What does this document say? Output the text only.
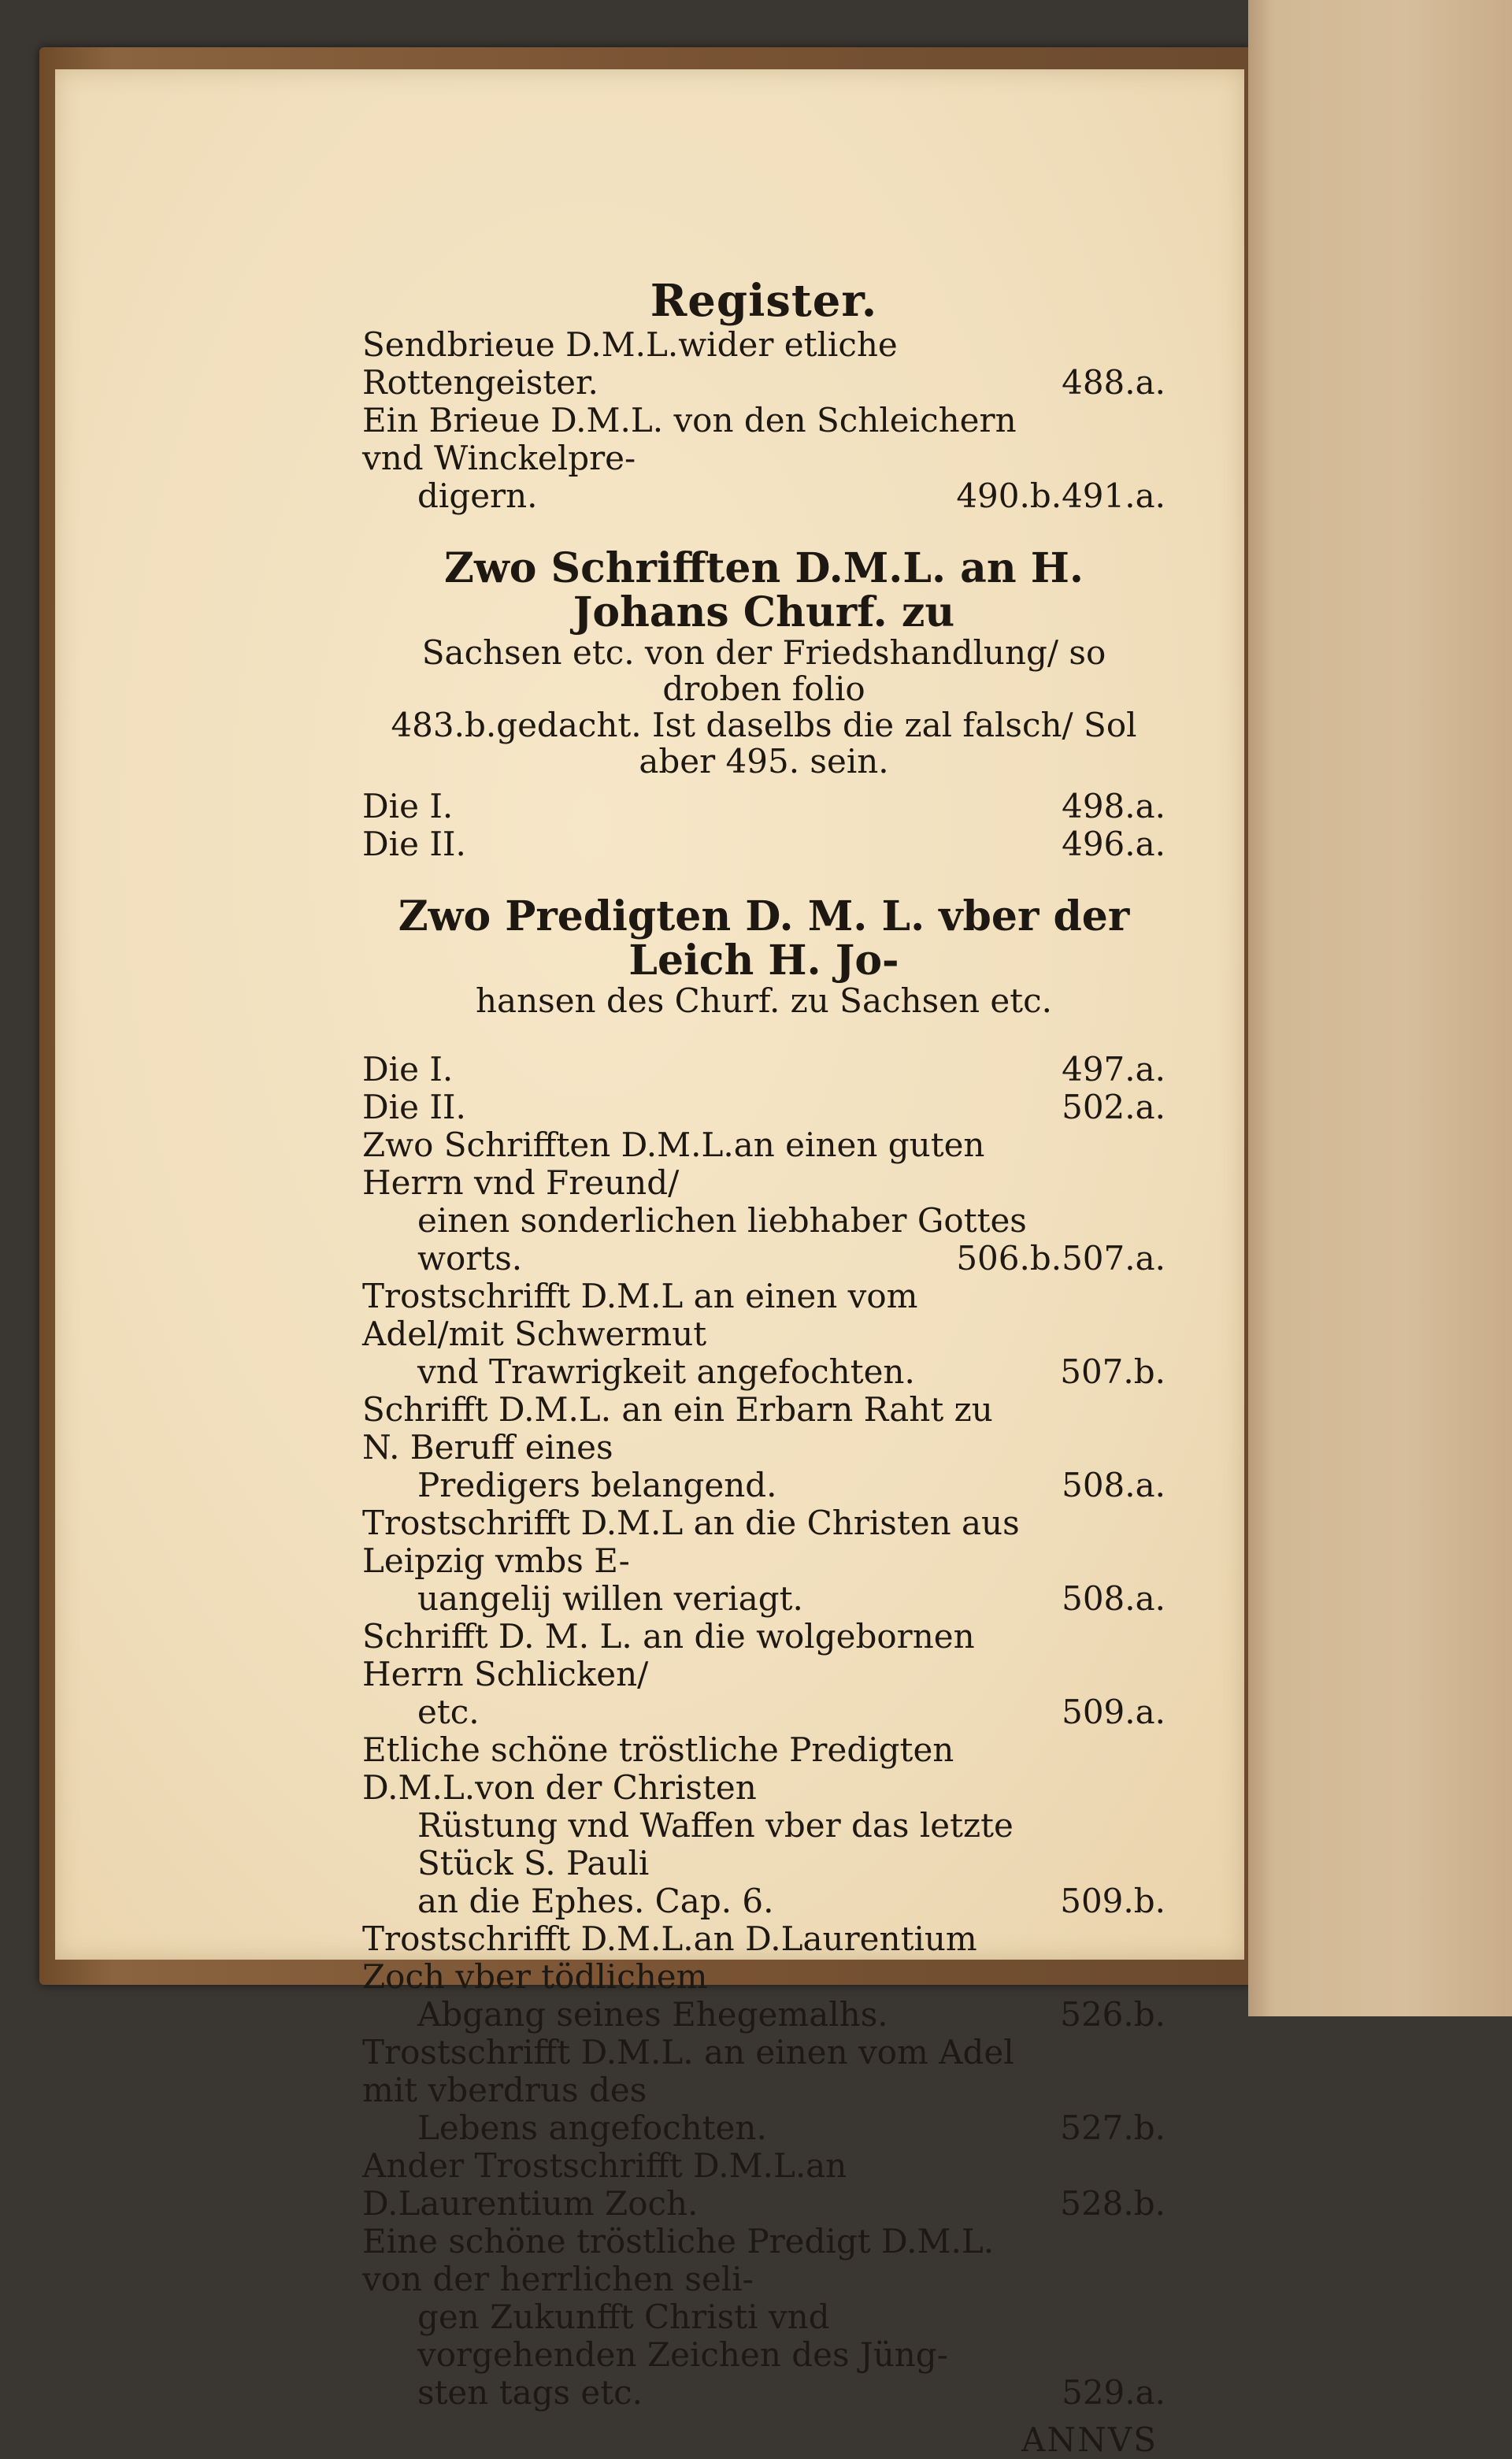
Register.
Sendbrieue D.M.L.wider etliche Rottengeister.	488.a.
Ein Brieue D.M.L. von den Schleichern vnd Winckelpre-
digern.	490.b.491.a.
Zwo Schrifften D.M.L. an H. Johans Churf. zu
Sachsen etc. von der Friedshandlung/ so droben folio
483.b.gedacht. Ist daselbs die zal falsch/ Sol
aber 495. sein.
Die I.	498.a.
Die II.	496.a.
Zwo Predigten D. M. L. vber der Leich H. Jo-
hansen des Churf. zu Sachsen etc.
Die I.	497.a.
Die II.	502.a.
Zwo Schrifften D.M.L.an einen guten Herrn vnd Freund/
einen sonderlichen liebhaber Gottes worts.	506.b.507.a.
Trostschrifft D.M.L an einen vom Adel/mit Schwermut
vnd Trawrigkeit angefochten.	507.b.
Schrifft D.M.L. an ein Erbarn Raht zu N. Beruff eines
Predigers belangend.	508.a.
Trostschrifft D.M.L an die Christen aus Leipzig vmbs E-
uangelij willen veriagt.	508.a.
Schrifft D. M. L. an die wolgebornen Herrn Schlicken/
etc.	509.a.
Etliche schöne tröstliche Predigten D.M.L.von der Christen
Rüstung vnd Waffen vber das letzte Stück S. Pauli
an die Ephes. Cap. 6.	509.b.
Trostschrifft D.M.L.an D.Laurentium Zoch vber tödlichem
Abgang seines Ehegemalhs.	526.b.
Trostschrifft D.M.L. an einen vom Adel mit vberdrus des
Lebens angefochten.	527.b.
Ander Trostschrifft D.M.L.an D.Laurentium Zoch.	528.b.
Eine schöne tröstliche Predigt D.M.L. von der herrlichen seli-
gen Zukunfft Christi vnd vorgehenden Zeichen des Jüng-
sten tags etc.	529.a.
ANNVS
